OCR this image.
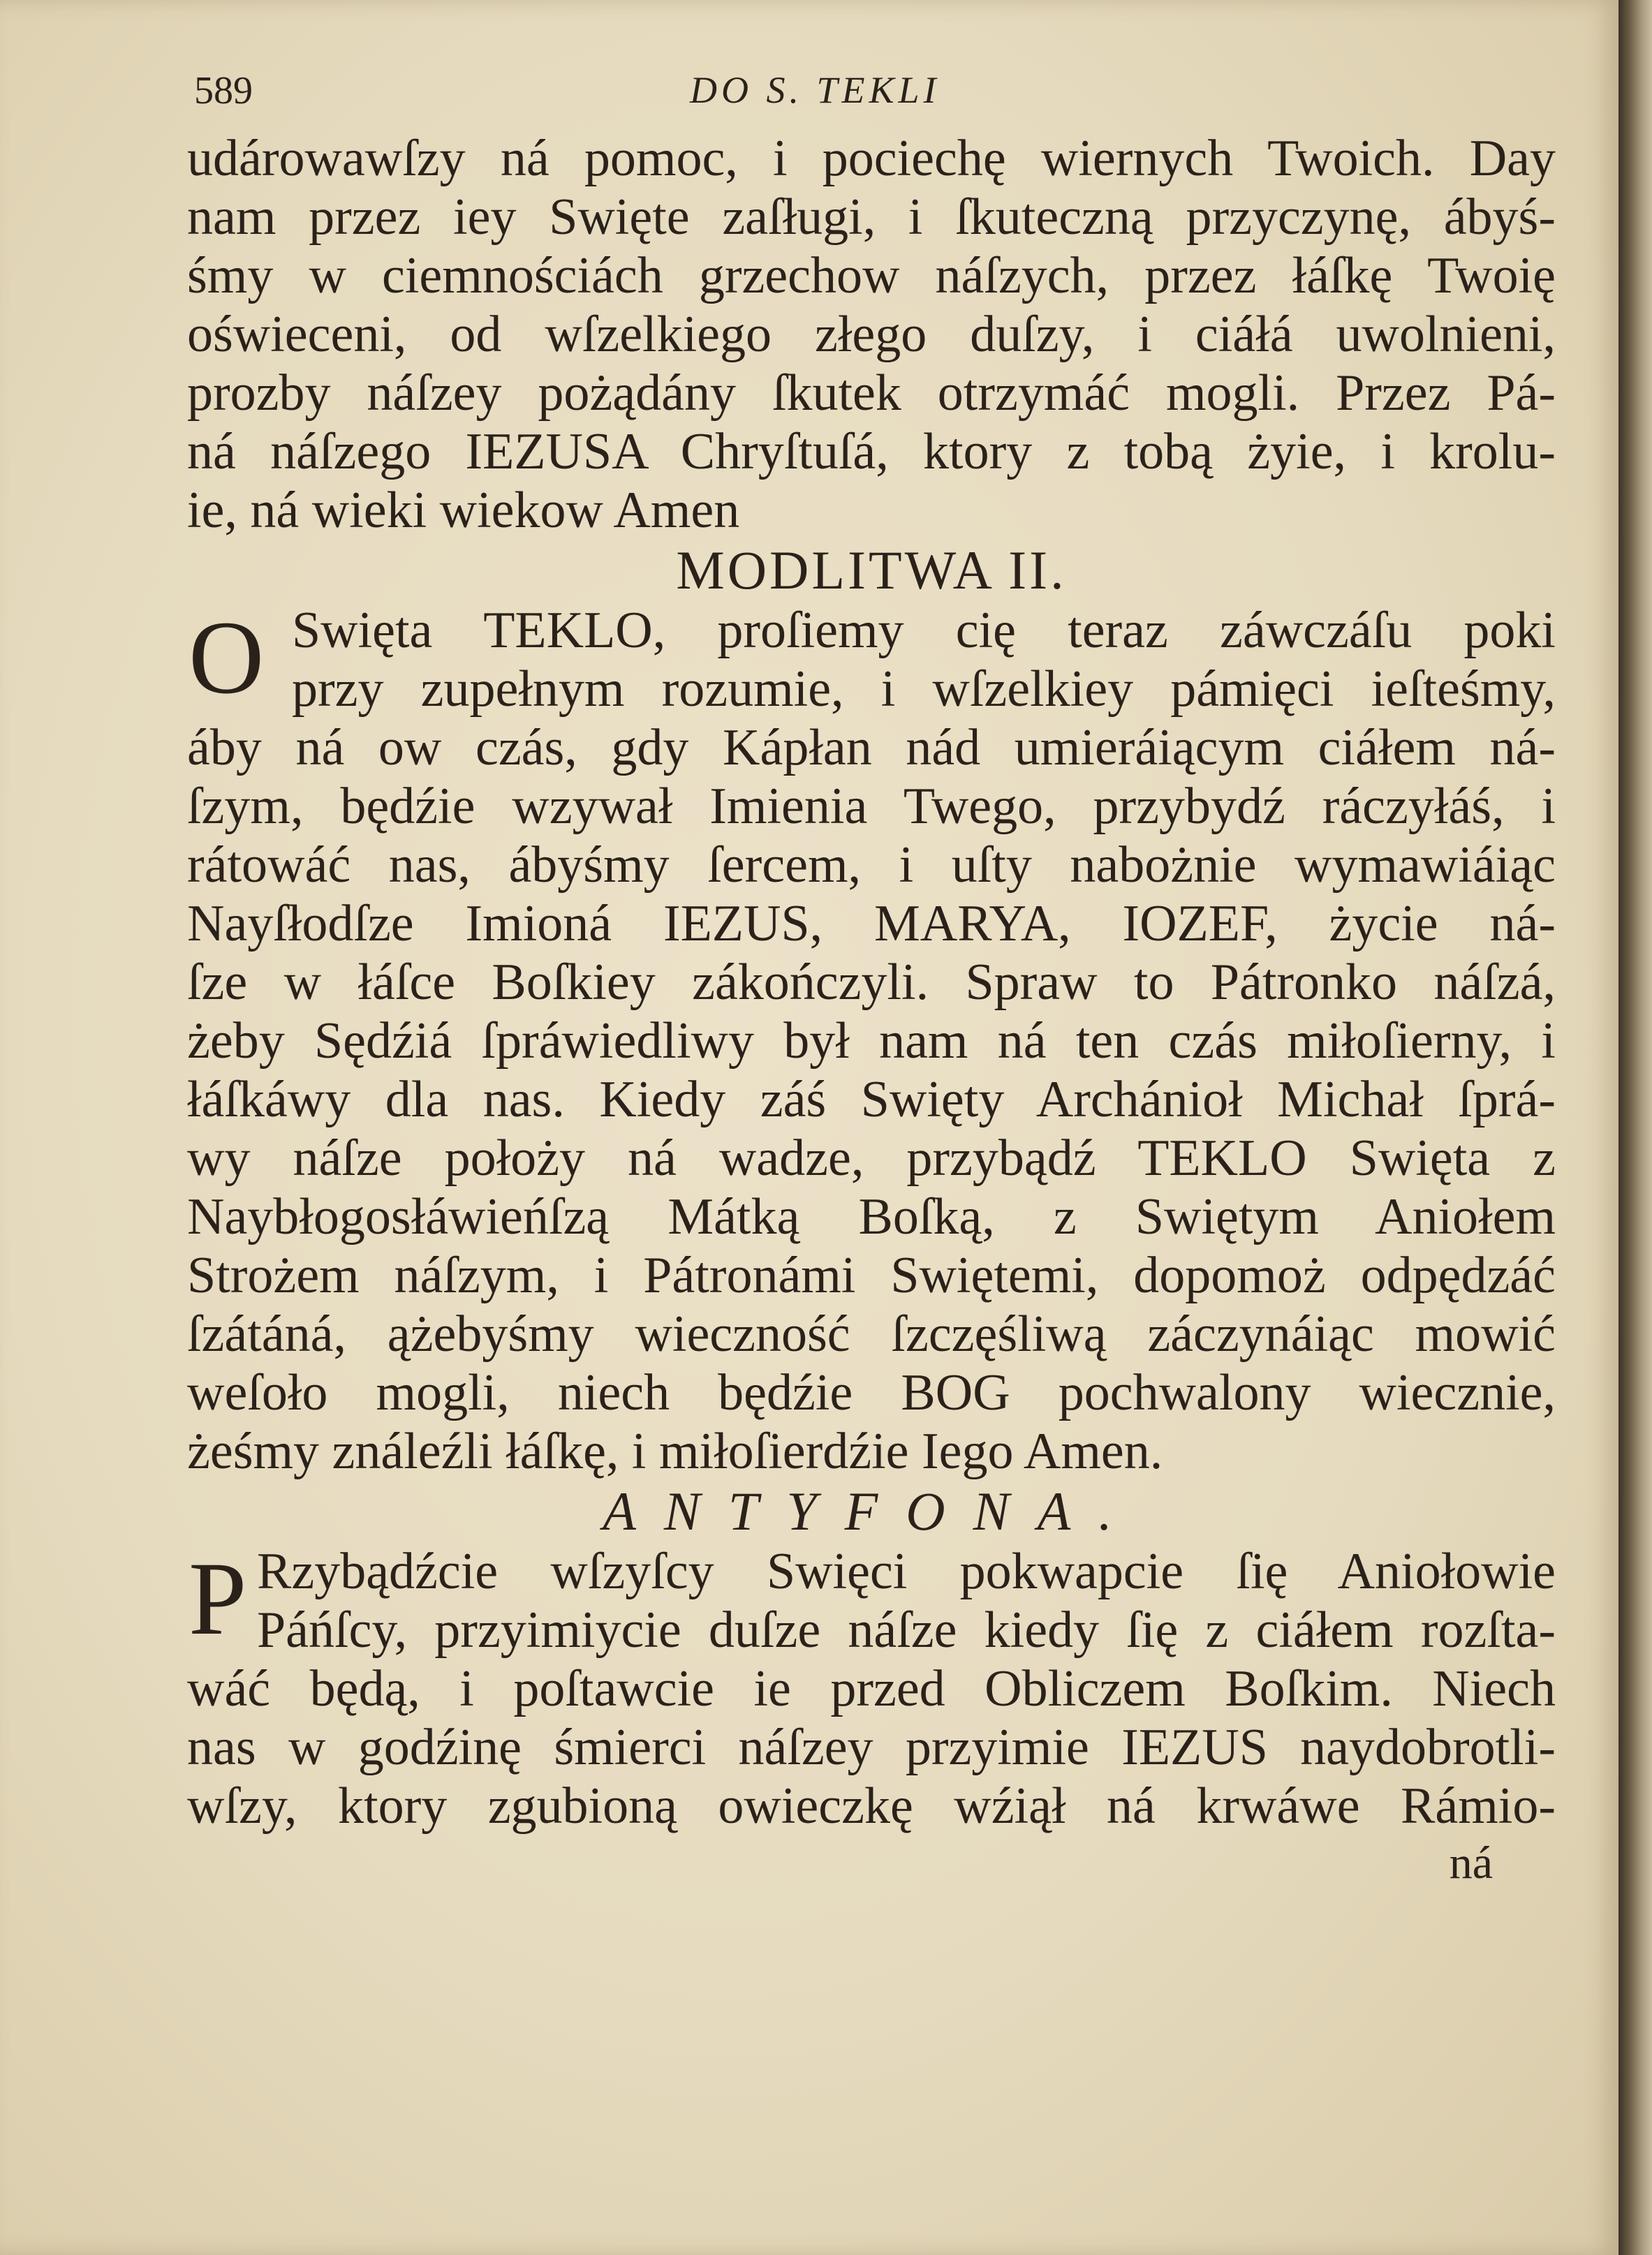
589	DO S. TEKLI
udárowawſzy ná pomoc, i pociechę wiernych Twoich. Day
nam przez iey Swięte zaſługi, i ſkuteczną przyczynę, ábyś-
śmy w ciemnościách grzechow náſzych, przez łáſkę Twoię
oświeceni, od wſzelkiego złego duſzy, i ciáłá uwolnieni,
prozby náſzey pożądány ſkutek otrzymáć mogli. Przez Pá-
ná náſzego IEZUSA Chryſtuſá, ktory z tobą żyie, i krolu-
ie, ná wieki wiekow Amen
MODLITWA II.
O Swięta TEKLO, proſiemy cię teraz záwczáſu poki
przy zupełnym rozumie, i wſzelkiey pámięci ieſteśmy,
áby ná ow czás, gdy Kápłan nád umieráiącym ciáłem ná-
ſzym, będźie wzywał Imienia Twego, przybydź ráczyłáś, i
rátowáć nas, ábyśmy ſercem, i uſty nabożnie wymawiáiąc
Nayſłodſze Imioná IEZUS, MARYA, IOZEF, życie ná-
ſze w łáſce Boſkiey zákończyli. Spraw to Pátronko náſzá,
żeby Sędźiá ſpráwiedliwy był nam ná ten czás miłoſierny, i
łáſkáwy dla nas. Kiedy záś Swięty Archánioł Michał ſprá-
wy náſze położy ná wadze, przybądź TEKLO Swięta z
Naybłogosłáwieńſzą Mátką Boſką, z Swiętym Aniołem
Strożem náſzym, i Pátronámi Swiętemi, dopomoż odpędzáć
ſzátáná, ążebyśmy wieczność ſzczęśliwą záczynáiąc mowić
weſoło mogli, niech będźie BOG pochwalony wiecznie,
żeśmy ználeźli łáſkę, i miłoſierdźie Iego Amen.
ANTYFONA.
P Rzybądźcie wſzyſcy Swięci pokwapcie ſię Aniołowie
Páńſcy, przyimiycie duſze náſze kiedy ſię z ciáłem rozſta-
wáć będą, i poſtawcie ie przed Obliczem Boſkim. Niech
nas w godźinę śmierci náſzey przyimie IEZUS naydobrotli-
wſzy, ktory zgubioną owieczkę wźiął ná krwáwe Rámio-
ná
